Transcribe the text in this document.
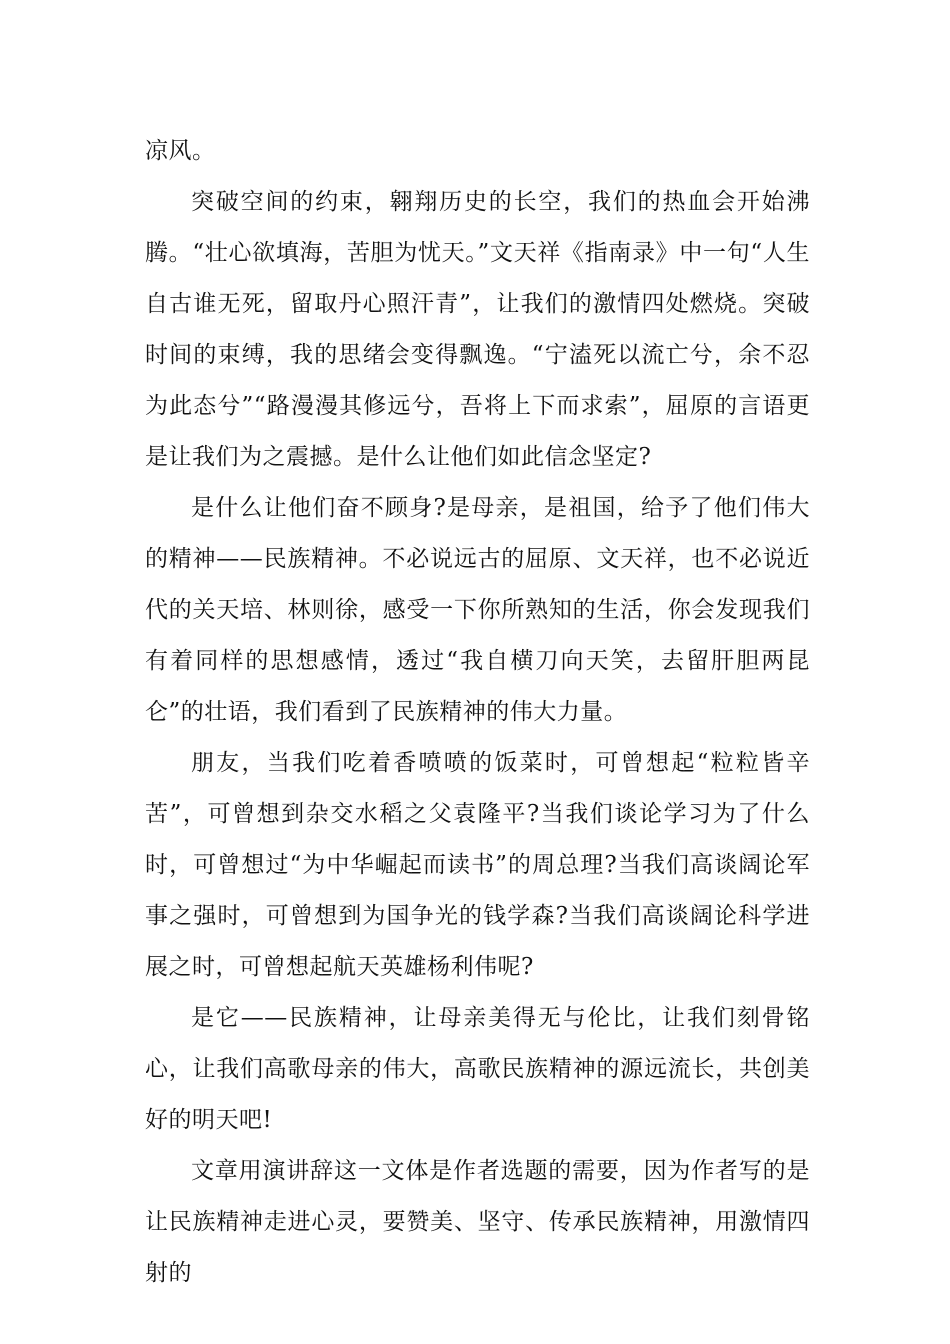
凉风。

突破空间的约束，翱翔历史的长空，我们的热血会开始沸腾。“壮心欲填海，苦胆为忧天。”文天祥《指南录》中一句“人生自古谁无死，留取丹心照汗青”，让我们的激情四处燃烧。突破时间的束缚，我的思绪会变得飘逸。“宁溘死以流亡兮，余不忍为此态兮”“路漫漫其修远兮，吾将上下而求索”，屈原的言语更是让我们为之震撼。是什么让他们如此信念坚定?

是什么让他们奋不顾身?是母亲，是祖国，给予了他们伟大的精神——民族精神。不必说远古的屈原、文天祥，也不必说近代的关天培、林则徐，感受一下你所熟知的生活，你会发现我们有着同样的思想感情，透过“我自横刀向天笑，去留肝胆两昆仑”的壮语，我们看到了民族精神的伟大力量。

朋友，当我们吃着香喷喷的饭菜时，可曾想起“粒粒皆辛苦”，可曾想到杂交水稻之父袁隆平?当我们谈论学习为了什么时，可曾想过“为中华崛起而读书”的周总理?当我们高谈阔论军事之强时，可曾想到为国争光的钱学森?当我们高谈阔论科学进展之时，可曾想起航天英雄杨利伟呢?

是它——民族精神，让母亲美得无与伦比，让我们刻骨铭心，让我们高歌母亲的伟大，高歌民族精神的源远流长，共创美好的明天吧!

文章用演讲辞这一文体是作者选题的需要，因为作者写的是让民族精神走进心灵，要赞美、坚守、传承民族精神，用激情四射的
